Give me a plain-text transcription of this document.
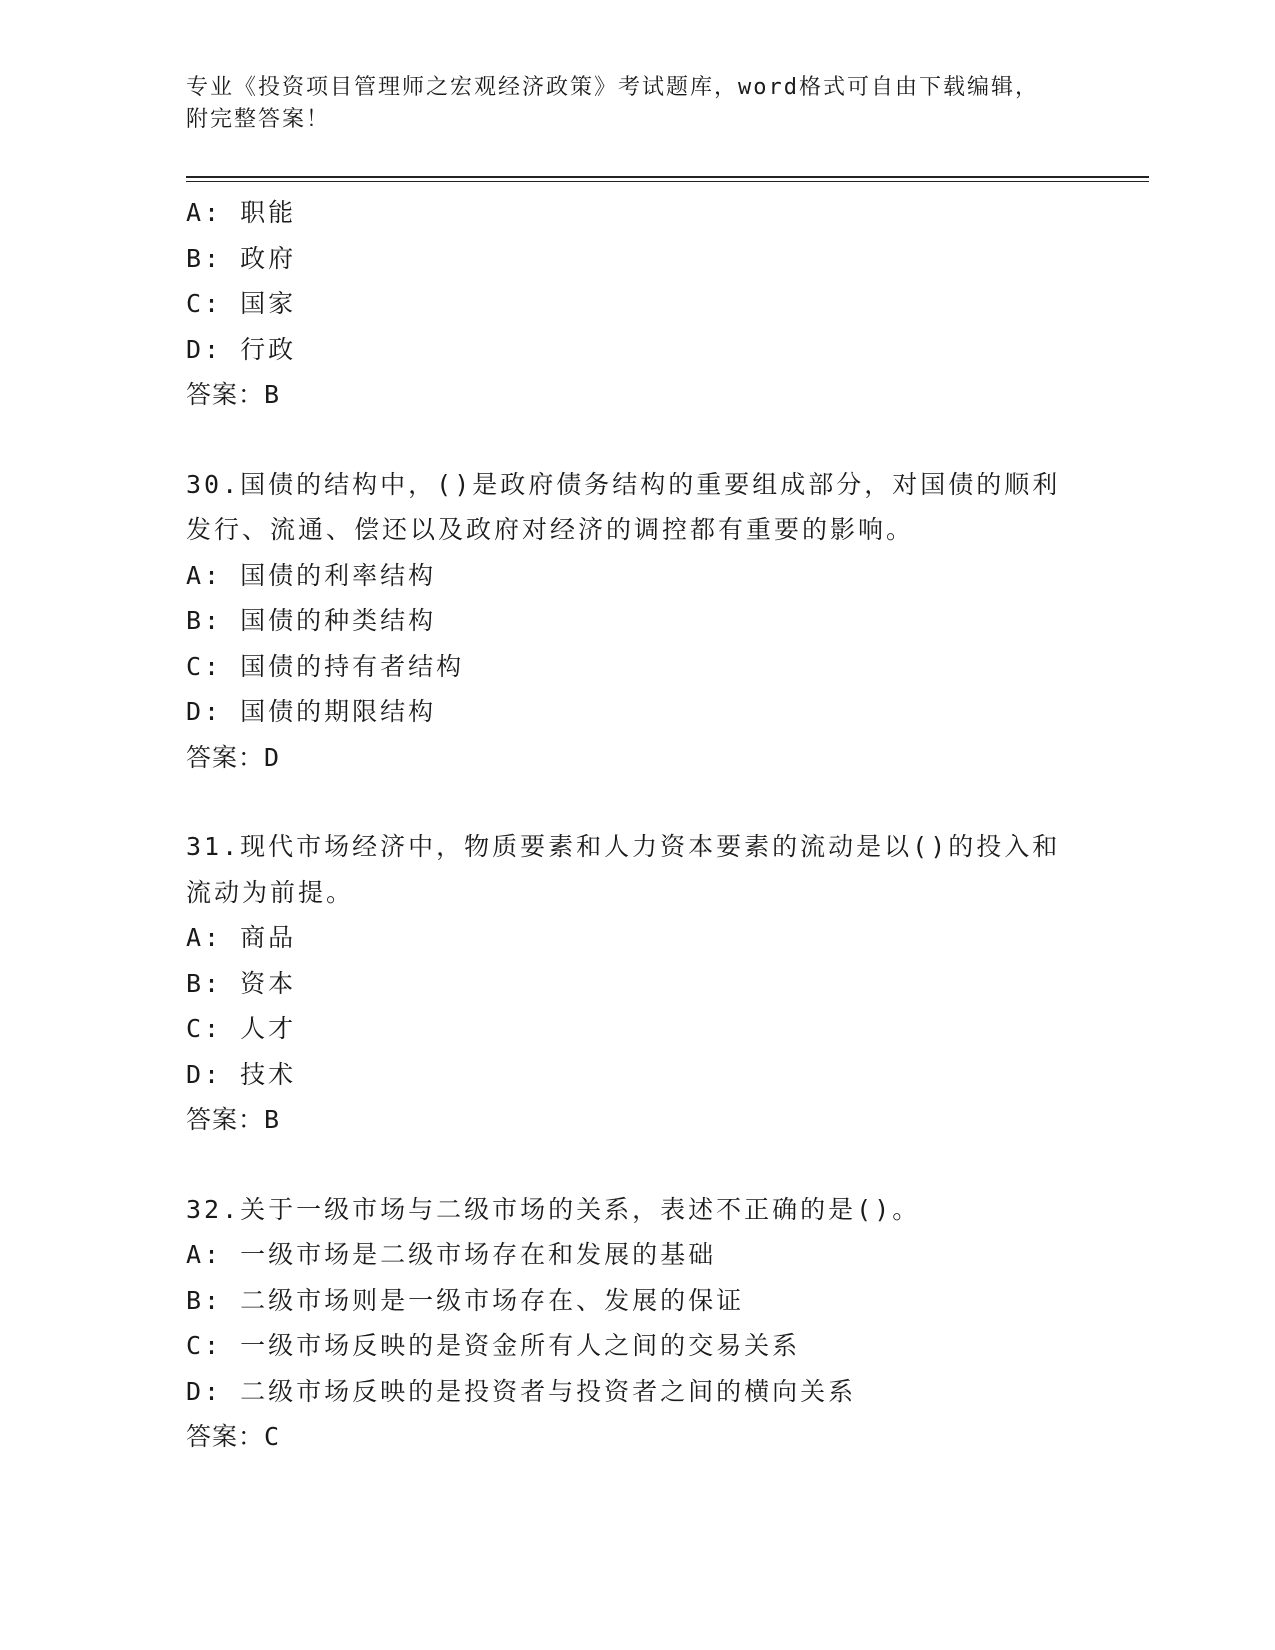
专业《投资项目管理师之宏观经济政策》考试题库，word格式可自由下载编辑，
附完整答案！
A: 职能
B: 政府
C: 国家
D: 行政
答案：B
30.国债的结构中，()是政府债务结构的重要组成部分，对国债的顺利
发行、流通、偿还以及政府对经济的调控都有重要的影响。
A: 国债的利率结构
B: 国债的种类结构
C: 国债的持有者结构
D: 国债的期限结构
答案：D
31.现代市场经济中，物质要素和人力资本要素的流动是以()的投入和
流动为前提。
A: 商品
B: 资本
C: 人才
D: 技术
答案：B
32.关于一级市场与二级市场的关系，表述不正确的是()。
A: 一级市场是二级市场存在和发展的基础
B: 二级市场则是一级市场存在、发展的保证
C: 一级市场反映的是资金所有人之间的交易关系
D: 二级市场反映的是投资者与投资者之间的横向关系
答案：C
